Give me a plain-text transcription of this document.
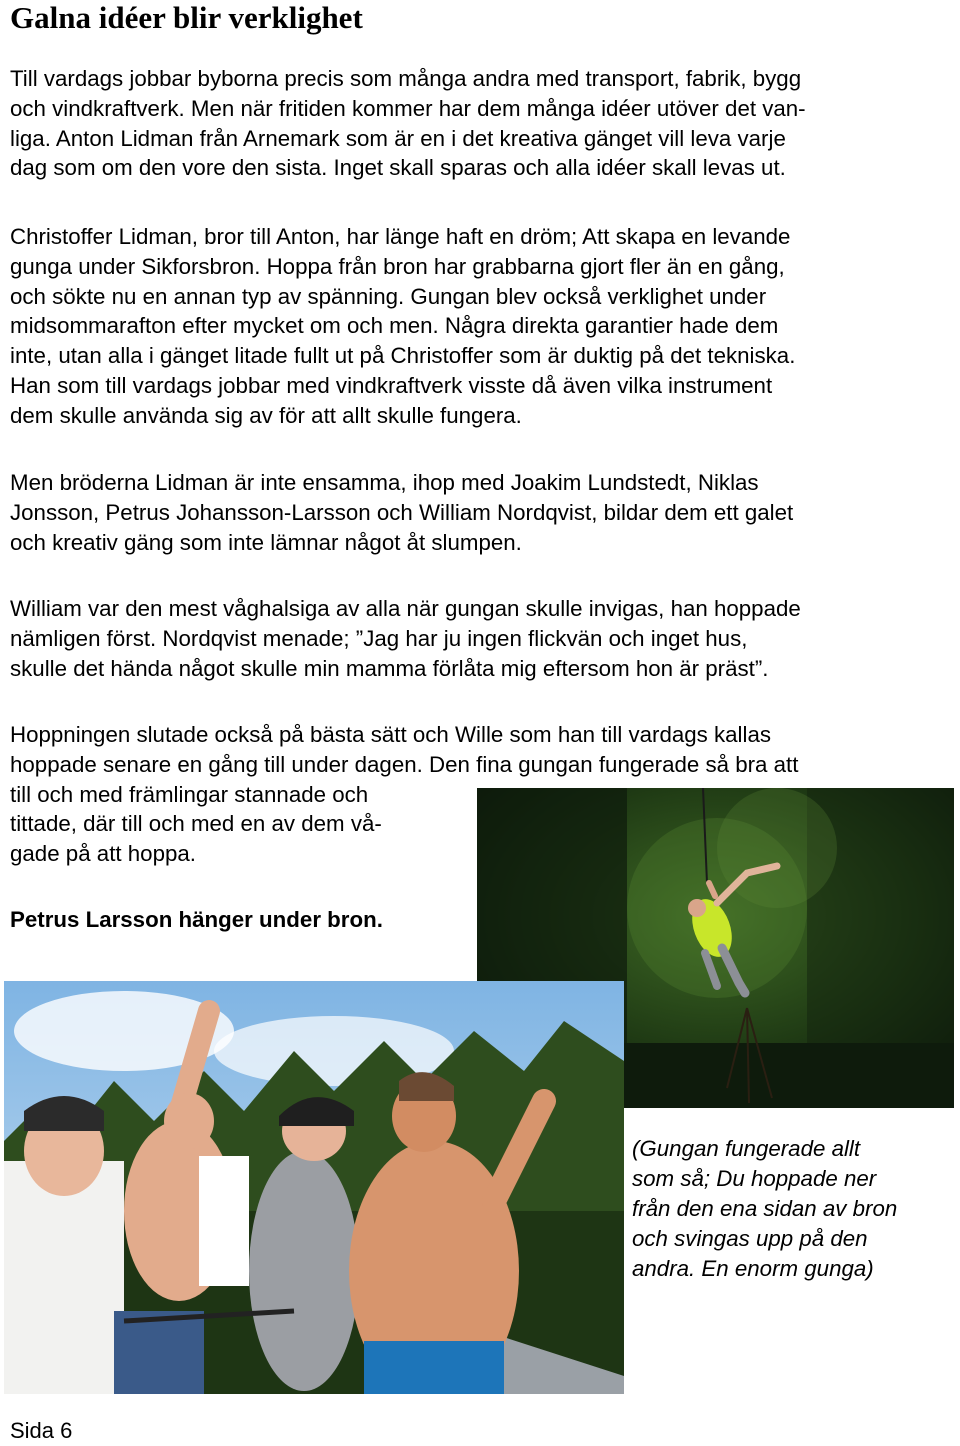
Galna idéer blir verklighet
Till vardags jobbar byborna precis som många andra med transport, fabrik, bygg
och vindkraftverk. Men när fritiden kommer har dem många idéer utöver det van-
liga. Anton Lidman från Arnemark som är en i det kreativa gänget vill leva varje
dag som om den vore den sista. Inget skall sparas och alla idéer skall levas ut.
Christoffer Lidman, bror till Anton, har länge haft en dröm; Att skapa en levande
gunga under Sikforsbron. Hoppa från bron har grabbarna gjort fler än en gång,
och sökte nu en annan typ av spänning. Gungan blev också verklighet under
midsommarafton efter mycket om och men. Några direkta garantier hade dem
inte, utan alla i gänget litade fullt ut på Christoffer som är duktig på det tekniska.
Han som till vardags jobbar med vindkraftverk visste då även vilka instrument
dem skulle använda sig av för att allt skulle fungera.
Men bröderna Lidman är inte ensamma, ihop med Joakim Lundstedt, Niklas
Jonsson, Petrus Johansson-Larsson och William Nordqvist, bildar dem ett galet
och kreativ gäng som inte lämnar något åt slumpen.
William var den mest våghalsiga av alla när gungan skulle invigas, han hoppade
nämligen först. Nordqvist menade; ”Jag har ju ingen flickvän och inget hus,
skulle det hända något skulle min mamma förlåta mig eftersom hon är präst”.
Hoppningen slutade också på bästa sätt och Wille som han till vardags kallas
hoppade senare en gång till under dagen. Den fina gungan fungerade så bra att
till och med främlingar stannade och
tittade, där till och med en av dem vå-
gade på att hoppa.

Petrus Larsson hänger under bron.

(Gungan fungerade allt
som så; Du hoppade ner
från den ena sidan av bron
och svingas upp på den
andra. En enorm gunga)

Sida 6
